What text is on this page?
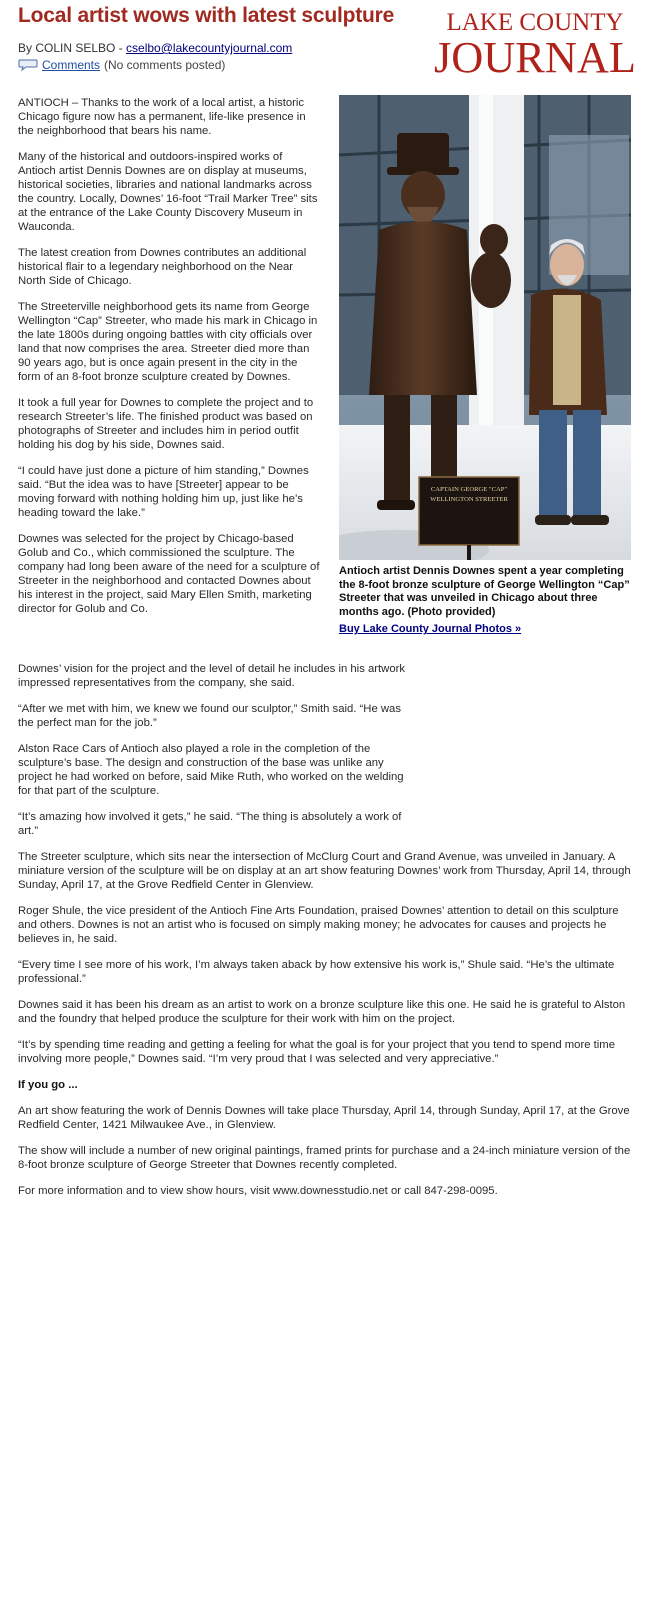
Local artist wows with latest sculpture	LAKE COUNTY
JOURNAL
By COLIN SELBO - cselbo@lakecountyjournal.com
Comments (No comments posted)

ANTIOCH – Thanks to the work of a local artist, a historic Chicago figure now has a permanent, life-like presence in the neighborhood that bears his name.

Many of the historical and outdoors-inspired works of Antioch artist Dennis Downes are on display at museums, historical societies, libraries and national landmarks across the country. Locally, Downes’ 16-foot “Trail Marker Tree” sits at the entrance of the Lake County Discovery Museum in Wauconda.

The latest creation from Downes contributes an additional historical flair to a legendary neighborhood on the Near North Side of Chicago.

The Streeterville neighborhood gets its name from George Wellington “Cap” Streeter, who made his mark in Chicago in the late 1800s during ongoing battles with city officials over land that now comprises the area. Streeter died more than 90 years ago, but is once again present in the city in the form of an 8-foot bronze sculpture created by Downes.

It took a full year for Downes to complete the project and to research Streeter’s life. The finished product was based on photographs of Streeter and includes him in period outfit holding his dog by his side, Downes said.

“I could have just done a picture of him standing,” Downes said. “But the idea was to have [Streeter] appear to be moving forward with nothing holding him up, just like he’s heading toward the lake.”

Downes was selected for the project by Chicago-based Golub and Co., which commissioned the sculpture. The company had long been aware of the need for a sculpture of Streeter in the neighborhood and contacted Downes about his interest in the project, said Mary Ellen Smith, marketing director for Golub and Co.

CAPTAIN GEORGE "CAP"
WELLINGTON STREETER
Antioch artist Dennis Downes spent a year completing the 8-foot bronze sculpture of George Wellington “Cap” Streeter that was unveiled in Chicago about three months ago. (Photo provided)
Buy Lake County Journal Photos »

Downes’ vision for the project and the level of detail he includes in his artwork impressed representatives from the company, she said.

“After we met with him, we knew we found our sculptor,” Smith said. “He was the perfect man for the job.”

Alston Race Cars of Antioch also played a role in the completion of the sculpture’s base. The design and construction of the base was unlike any project he had worked on before, said Mike Ruth, who worked on the welding for that part of the sculpture.

“It’s amazing how involved it gets,” he said. “The thing is absolutely a work of art.”

The Streeter sculpture, which sits near the intersection of McClurg Court and Grand Avenue, was unveiled in January. A miniature version of the sculpture will be on display at an art show featuring Downes’ work from Thursday, April 14, through Sunday, April 17, at the Grove Redfield Center in Glenview.

Roger Shule, the vice president of the Antioch Fine Arts Foundation, praised Downes’ attention to detail on this sculpture and others. Downes is not an artist who is focused on simply making money; he advocates for causes and projects he believes in, he said.

“Every time I see more of his work, I’m always taken aback by how extensive his work is,” Shule said. “He’s the ultimate professional.”

Downes said it has been his dream as an artist to work on a bronze sculpture like this one. He said he is grateful to Alston and the foundry that helped produce the sculpture for their work with him on the project.

“It’s by spending time reading and getting a feeling for what the goal is for your project that you tend to spend more time involving more people,” Downes said. “I’m very proud that I was selected and very appreciative.”

If you go ...

An art show featuring the work of Dennis Downes will take place Thursday, April 14, through Sunday, April 17, at the Grove Redfield Center, 1421 Milwaukee Ave., in Glenview.

The show will include a number of new original paintings, framed prints for purchase and a 24-inch miniature version of the 8-foot bronze sculpture of George Streeter that Downes recently completed.

For more information and to view show hours, visit www.downesstudio.net or call 847-298-0095.
